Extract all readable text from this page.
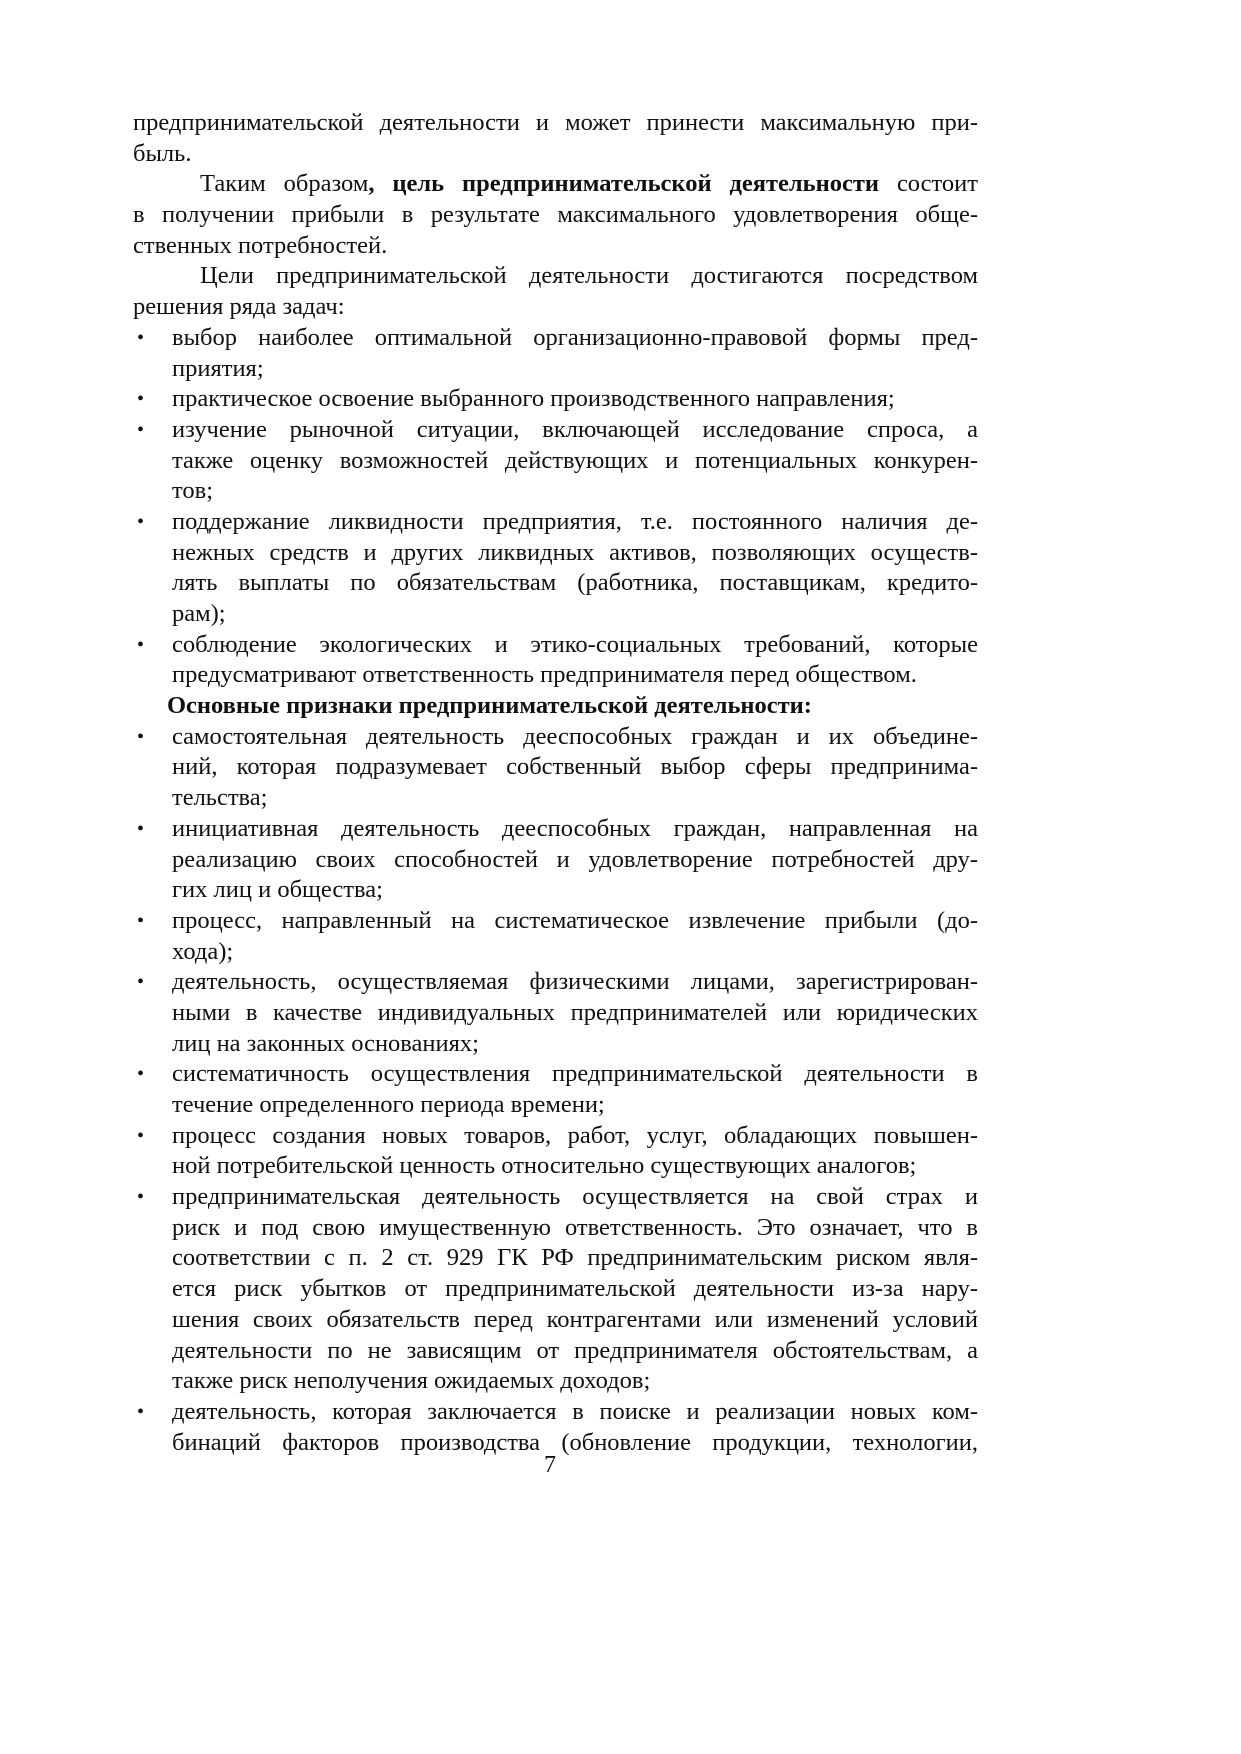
предпринимательской деятельности и может принести максимальную при-
быль.
Таким образом, цель предпринимательской деятельности состоит
в получении прибыли в результате максимального удовлетворения обще-
ственных потребностей.
Цели предпринимательской деятельности достигаются посредством
решения ряда задач:
• выбор наиболее оптимальной организационно-правовой формы пред-
приятия;
• практическое освоение выбранного производственного направления;
• изучение рыночной ситуации, включающей исследование спроса, а
также оценку возможностей действующих и потенциальных конкурен-
тов;
• поддержание ликвидности предприятия, т.е. постоянного наличия де-
нежных средств и других ликвидных активов, позволяющих осуществ-
лять выплаты по обязательствам (работника, поставщикам, кредито-
рам);
• соблюдение экологических и этико-социальных требований, которые
предусматривают ответственность предпринимателя перед обществом.
Основные признаки предпринимательской деятельности:
• самостоятельная деятельность дееспособных граждан и их объедине-
ний, которая подразумевает собственный выбор сферы предпринима-
тельства;
• инициативная деятельность дееспособных граждан, направленная на
реализацию своих способностей и удовлетворение потребностей дру-
гих лиц и общества;
• процесс, направленный на систематическое извлечение прибыли (до-
хода);
• деятельность, осуществляемая физическими лицами, зарегистрирован-
ными в качестве индивидуальных предпринимателей или юридических
лиц на законных основаниях;
• систематичность осуществления предпринимательской деятельности в
течение определенного периода времени;
• процесс создания новых товаров, работ, услуг, обладающих повышен-
ной потребительской ценность относительно существующих аналогов;
• предпринимательская деятельность осуществляется на свой страх и
риск и под свою имущественную ответственность. Это означает, что в
соответствии с п. 2 ст. 929 ГК РФ предпринимательским риском явля-
ется риск убытков от предпринимательской деятельности из-за нару-
шения своих обязательств перед контрагентами или изменений условий
деятельности по не зависящим от предпринимателя обстоятельствам, а
также риск неполучения ожидаемых доходов;
• деятельность, которая заключается в поиске и реализации новых ком-
бинаций факторов производства (обновление продукции, технологии,
7
